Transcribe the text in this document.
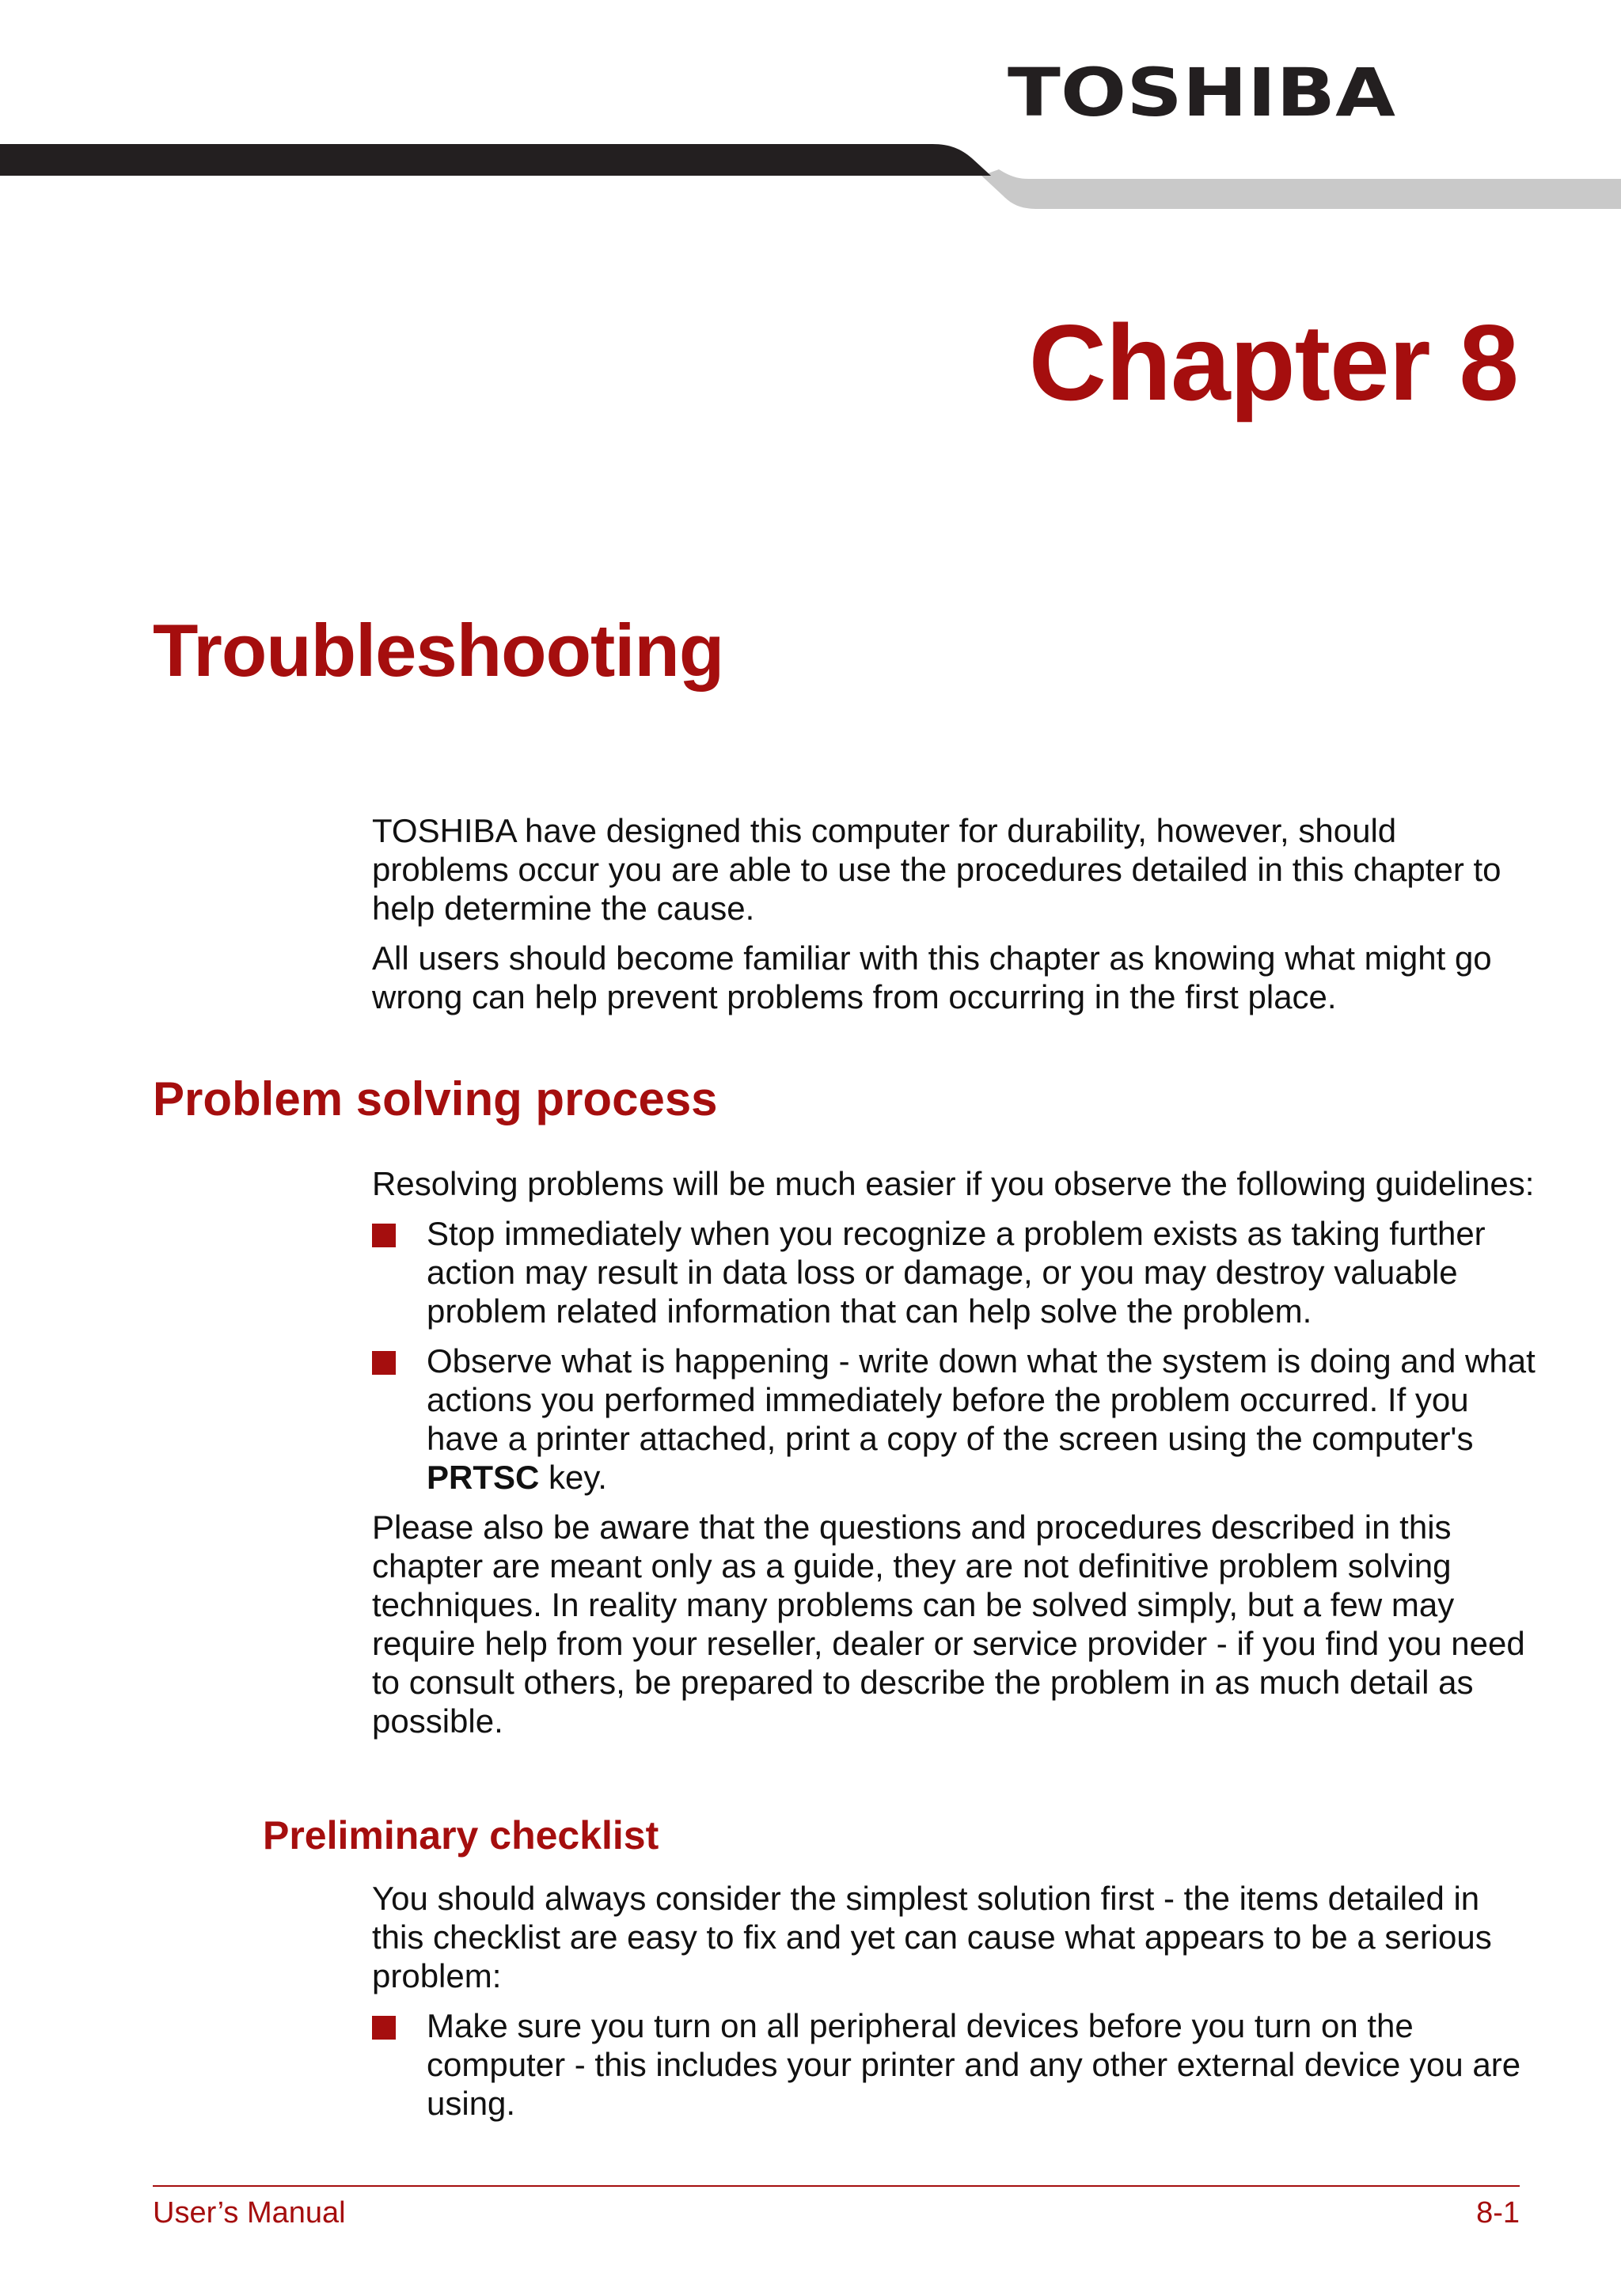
TOSHIBA
Chapter 8
Troubleshooting

TOSHIBA have designed this computer for durability, however, should problems occur you are able to use the procedures detailed in this chapter to help determine the cause.

All users should become familiar with this chapter as knowing what might go wrong can help prevent problems from occurring in the first place.

Problem solving process

Resolving problems will be much easier if you observe the following guidelines:

Stop immediately when you recognize a problem exists as taking further action may result in data loss or damage, or you may destroy valuable problem related information that can help solve the problem.
Observe what is happening - write down what the system is doing and what actions you performed immediately before the problem occurred. If you have a printer attached, print a copy of the screen using the computer's PRTSC key.

Please also be aware that the questions and procedures described in this chapter are meant only as a guide, they are not definitive problem solving techniques. In reality many problems can be solved simply, but a few may require help from your reseller, dealer or service provider - if you find you need to consult others, be prepared to describe the problem in as much detail as possible.

Preliminary checklist

You should always consider the simplest solution first - the items detailed in this checklist are easy to fix and yet can cause what appears to be a serious problem:

Make sure you turn on all peripheral devices before you turn on the computer - this includes your printer and any other external device you are using.
User’s Manual	8-1
